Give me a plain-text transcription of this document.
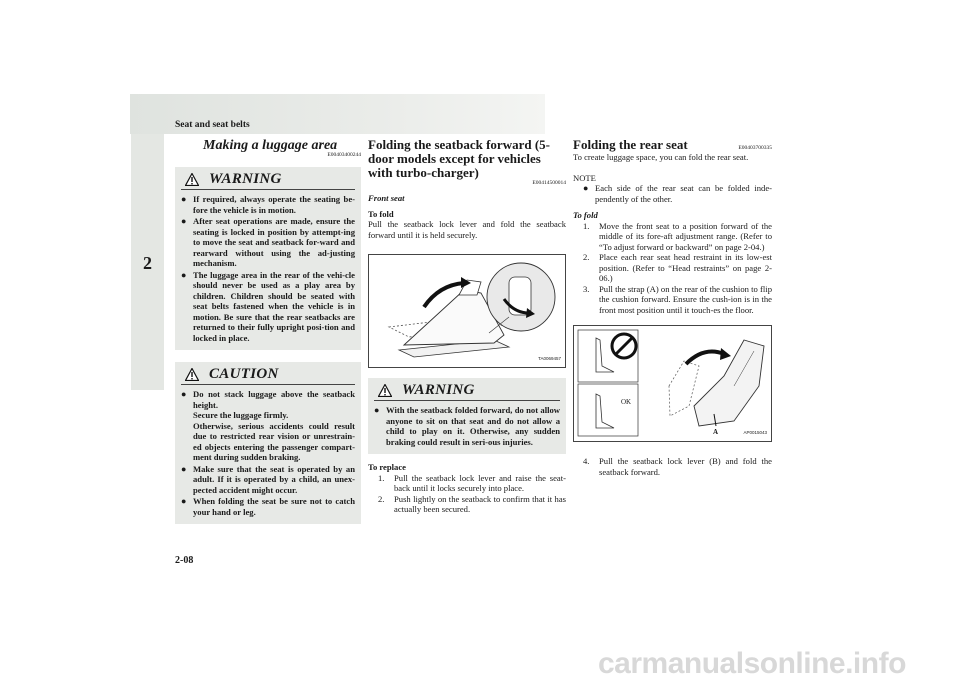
Seat and seat belts
2
Making a luggage area
E00403400244
WARNING
● If required, always operate the seating be-fore the vehicle is in motion.
● After seat operations are made, ensure the seating is locked in position by attempt-ing to move the seat and seatback for-ward and rearward without using the ad-justing mechanism.
● The luggage area in the rear of the vehi-cle should never be used as a play area by children. Children should be seated with seat belts fastened when the vehicle is in motion. Be sure that the rear seatbacks are returned to their fully upright posi-tion and locked in place.
CAUTION
● Do not stack luggage above the seatback height.
Secure the luggage firmly.
Otherwise, serious accidents could result due to restricted rear vision or unrestrain-ed objects entering the passenger compart-ment during sudden braking.
● Make sure that the seat is operated by an adult. If it is operated by a child, an unex-pected accident might occur.
● When folding the seat be sure not to catch your hand or leg.
Folding the seatback forward (5-door models except for vehicles with turbo-charger)
E00414500014
Front seat
To fold
Pull the seatback lock lever and fold the seatback forward until it is held securely.
TA0069457
WARNING
● With the seatback folded forward, do not allow anyone to sit on that seat and do not allow a child to play on it. Otherwise, any sudden braking could result in seri-ous injuries.
To replace
1.	Pull the seatback lock lever and raise the seat-back until it locks securely into place.
2.	Push lightly on the seatback to confirm that it has actually been secured.
Folding the rear seat	E00403700335
To create luggage space, you can fold the rear seat.
NOTE
● Each side of the rear seat can be folded inde-pendently of the other.
To fold
1.	Move the front seat to a position forward of the middle of its fore-aft adjustment range. (Refer to “To adjust forward or backward” on page 2-04.)
2.	Place each rear seat head restraint in its low-est position. (Refer to “Head restraints” on page 2-06.)
3.	Pull the strap (A) on the rear of the cushion to flip the cushion forward. Ensure the cush-ion is in the front most position until it touch-es the floor.
OK
A	AP0015043
4.	Pull the seatback lock lever (B) and fold the seatback forward.
2-08
carmanualsonline.info
